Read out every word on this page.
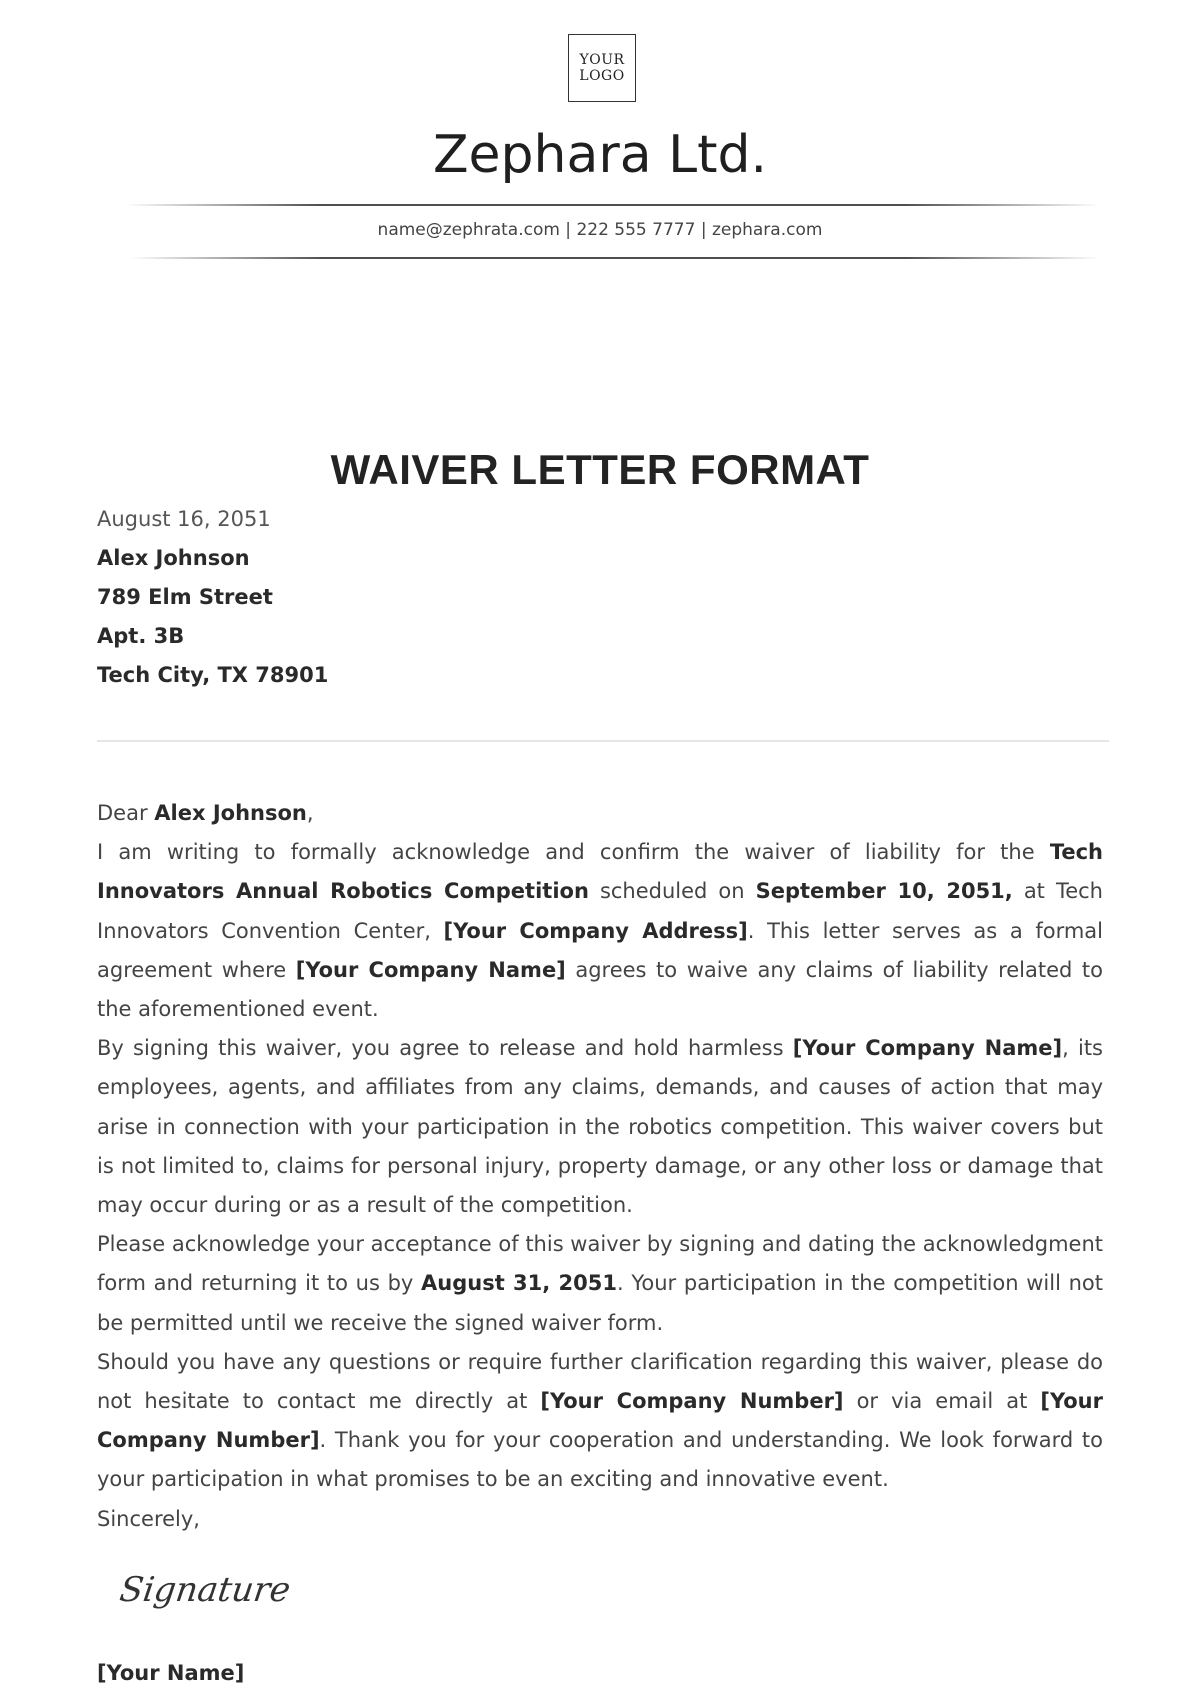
YOUR
LOGO
Zephara Ltd.
name@zephrata.com | 222 555 7777 | zephara.com
WAIVER LETTER FORMAT
August 16, 2051
Alex Johnson
789 Elm Street
Apt. 3B
Tech City, TX 78901

Dear Alex Johnson,

I am writing to formally acknowledge and confirm the waiver of liability for the Tech Innovators Annual Robotics Competition scheduled on September 10, 2051, at Tech Innovators Convention Center, [Your Company Address]. This letter serves as a formal agreement where [Your Company Name] agrees to waive any claims of liability related to the aforementioned event.

By signing this waiver, you agree to release and hold harmless [Your Company Name], its employees, agents, and affiliates from any claims, demands, and causes of action that may arise in connection with your participation in the robotics competition. This waiver covers but is not limited to, claims for personal injury, property damage, or any other loss or damage that may occur during or as a result of the competition.

Please acknowledge your acceptance of this waiver by signing and dating the acknowledgment form and returning it to us by August 31, 2051. Your participation in the competition will not be permitted until we receive the signed waiver form.

Should you have any questions or require further clarification regarding this waiver, please do not hesitate to contact me directly at [Your Company Number] or via email at [Your Company Number]. Thank you for your cooperation and understanding. We look forward to your participation in what promises to be an exciting and innovative event.

Sincerely,

Signature
[Your Name]
